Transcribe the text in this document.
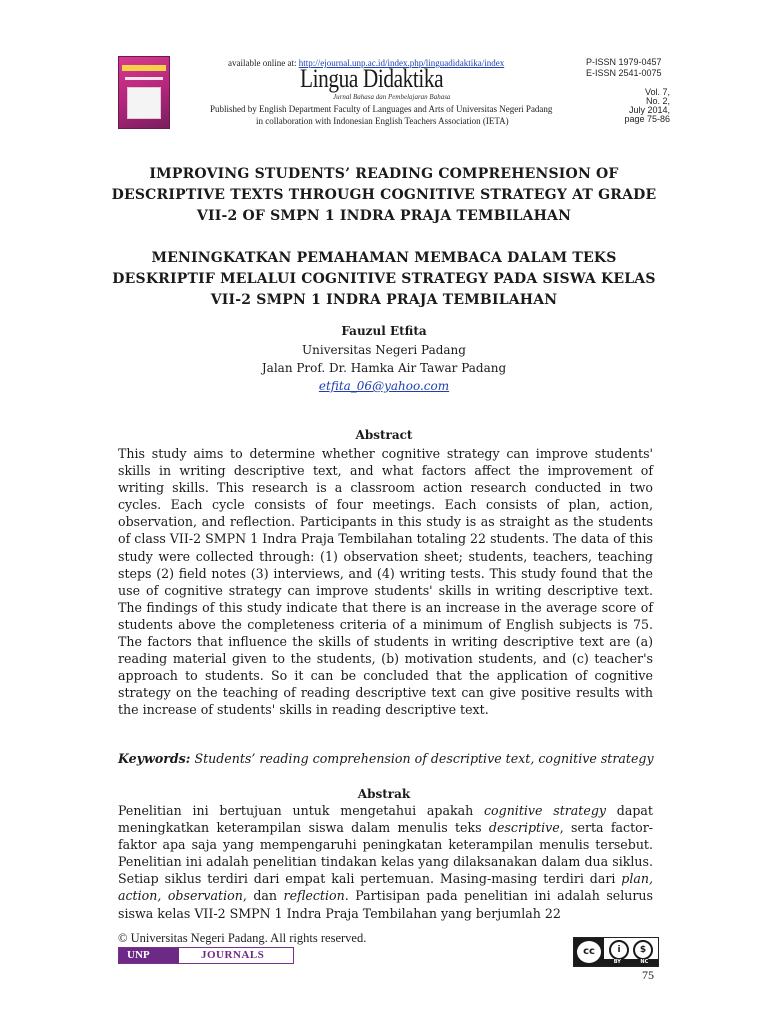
available online at: http://ejournal.unp.ac.id/index.php/linguadidaktika/index
Lingua Didaktika
Jurnal Bahasa dan Pembelajaran Bahasa
Published by English Department Faculty of Languages and Arts of Universitas Negeri Padang
in collaboration with Indonesian English Teachers Association (IETA)
P-ISSN 1979-0457
E-ISSN 2541-0075
Vol. 7,
No. 2,
July 2014,
page 75-86
IMPROVING STUDENTS’ READING COMPREHENSION OF DESCRIPTIVE TEXTS THROUGH COGNITIVE STRATEGY AT GRADE VII-2 OF SMPN 1 INDRA PRAJA TEMBILAHAN
MENINGKATKAN PEMAHAMAN MEMBACA DALAM TEKS DESKRIPTIF MELALUI COGNITIVE STRATEGY PADA SISWA KELAS VII-2 SMPN 1 INDRA PRAJA TEMBILAHAN
Fauzul Etfita
Universitas Negeri Padang
Jalan Prof. Dr. Hamka Air Tawar Padang
etfita_06@yahoo.com
Abstract
This study aims to determine whether cognitive strategy can improve students' skills in writing descriptive text, and what factors affect the improvement of writing skills. This research is a classroom action research conducted in two cycles. Each cycle consists of four meetings. Each consists of plan, action, observation, and reflection. Participants in this study is as straight as the students of class VII-2 SMPN 1 Indra Praja Tembilahan totaling 22 students. The data of this study were collected through: (1) observation sheet; students, teachers, teaching steps (2) field notes (3) interviews, and (4) writing tests. This study found that the use of cognitive strategy can improve students' skills in writing descriptive text. The findings of this study indicate that there is an increase in the average score of students above the completeness criteria of a minimum of English subjects is 75. The factors that influence the skills of students in writing descriptive text are (a) reading material given to the students, (b) motivation students, and (c) teacher's approach to students. So it can be concluded that the application of cognitive strategy on the teaching of reading descriptive text can give positive results with the increase of students' skills in reading descriptive text.
Keywords: Students’ reading comprehension of descriptive text, cognitive strategy
Abstrak
Penelitian ini bertujuan untuk mengetahui apakah cognitive strategy dapat meningkatkan keterampilan siswa dalam menulis teks descriptive, serta factor-faktor apa saja yang mempengaruhi peningkatan keterampilan menulis tersebut. Penelitian ini adalah penelitian tindakan kelas yang dilaksanakan dalam dua siklus. Setiap siklus terdiri dari empat kali pertemuan. Masing-masing terdiri dari plan, action, observation, dan reflection. Partisipan pada penelitian ini adalah selurus siswa kelas VII-2 SMPN 1 Indra Praja Tembilahan yang berjumlah 22
© Universitas Negeri Padang. All rights reserved.
UNP	JOURNALS	cc	i	$
BY	NC
75
